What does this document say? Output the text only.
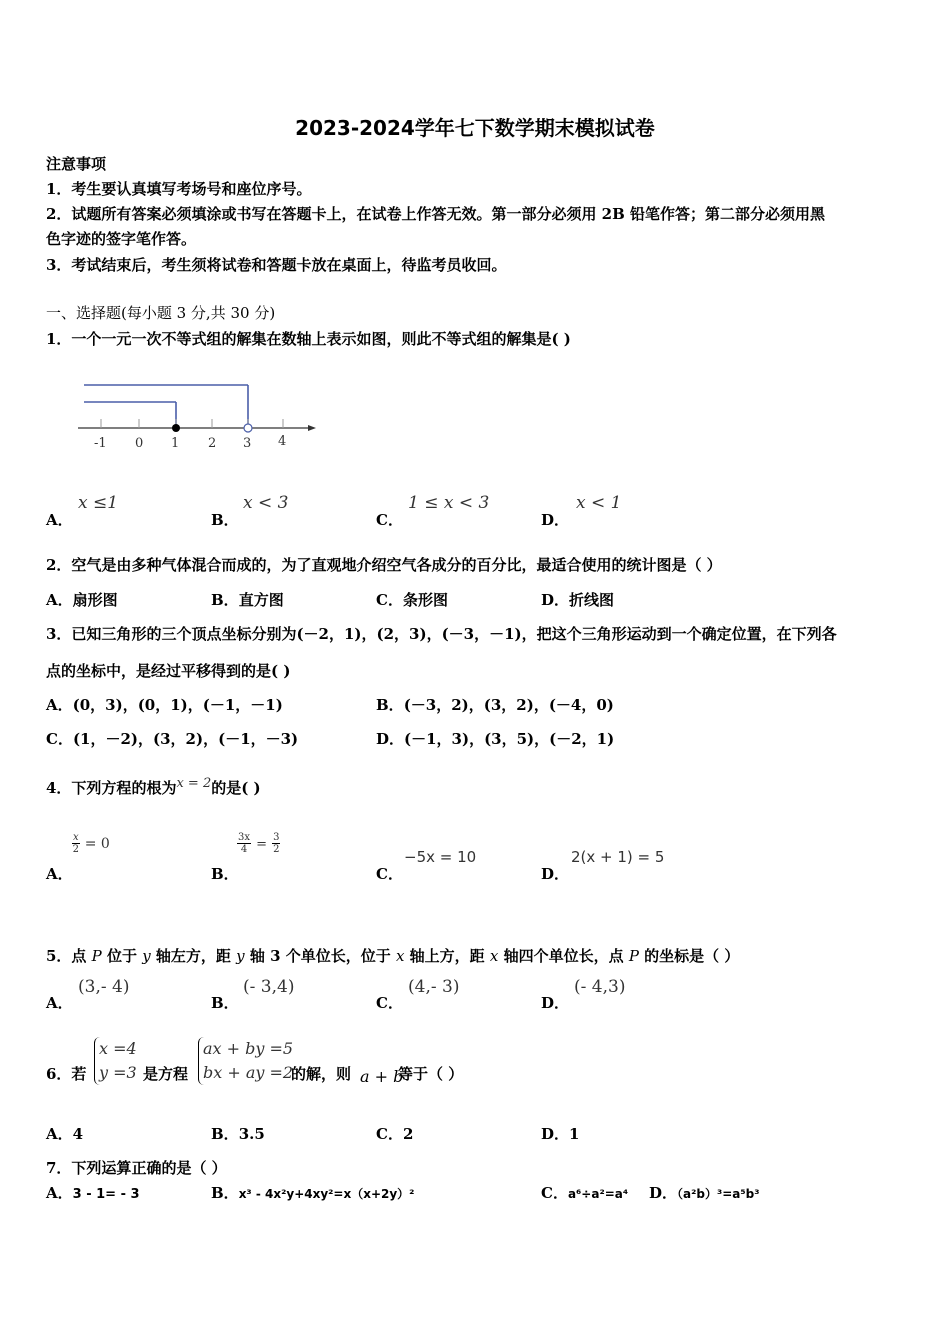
2023-2024学年七下数学期末模拟试卷
注意事项
1．考生要认真填写考场号和座位序号。
2．试题所有答案必须填涂或书写在答题卡上，在试卷上作答无效。第一部分必须用 2B 铅笔作答；第二部分必须用黑
色字迹的签字笔作答。
3．考试结束后，考生须将试卷和答题卡放在桌面上，待监考员收回。
一、选择题(每小题 3 分,共 30 分)
1．一个一元一次不等式组的解集在数轴上表示如图，则此不等式组的解集是( )
-1 0 1 2 3 4
A．
x ≤1
B．
x < 3
C．
1 ≤ x < 3
D．
x < 1
2．空气是由多种气体混合而成的，为了直观地介绍空气各成分的百分比，最适合使用的统计图是（ ）
A．扇形图	B．直方图	C．条形图	D．折线图
3．已知三角形的三个顶点坐标分别为(－2，1)，(2，3)，(－3，－1)，把这个三角形运动到一个确定位置，在下列各
点的坐标中，是经过平移得到的是( )
A．(0，3)，(0，1)，(－1，－1)	B．(－3，2)，(3，2)，(－4，0)
C．(1，－2)，(3，2)，(－1，－3)	D．(－1，3)，(3，5)，(－2，1)
4．下列方程的根为x = 2的是( )
A．
$\frac{x}{2} = 0$
B．
$\frac{3x}{4} = \frac{3}{2}$
C．
−5x = 10
D．
2(x + 1) = 5
5．点 P 位于 y 轴左方，距 y 轴 3 个单位长，位于 x 轴上方，距 x 轴四个单位长，点 P 的坐标是（ ）
A．
(3,- 4)
B．
(- 3,4)
C．
(4,- 3)
D．
(- 4,3)
6．若
x =4
y =3 是方程
ax + by =5
bx + ay =2
的解，则 a + b
等于（ ）
A．4	B．3.5	C．2	D．1
7．下列运算正确的是（ ）
A．3 - 1= - 3	B．x³ - 4x²y+4xy²=x（x+2y）²	C．a⁶÷a²=a⁴ D．（a²b）³=a⁵b³
